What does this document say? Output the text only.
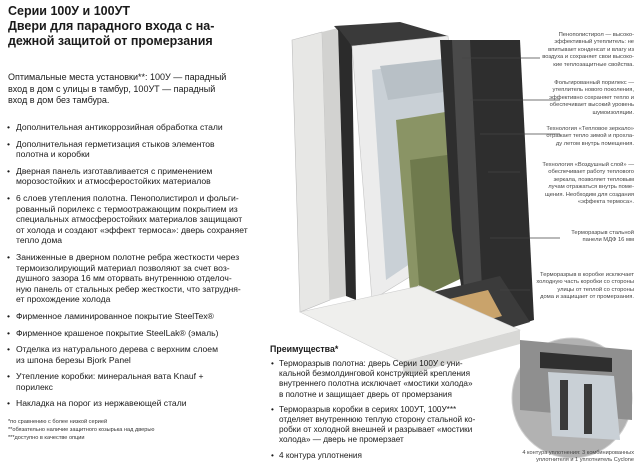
Серии 100У и 100УТ
Двери для парадного входа с на-
дежной защитой от промерзания
Оптимальные места установки**: 100У — парадный
вход в дом с улицы в тамбур, 100УТ — парадный
вход в дом без тамбура.
• Дополнительная антикоррозийная обработка стали
• Дополнительная герметизация стыков элементов
полотна и коробки
• Дверная панель изготавливается с применением
морозостойких и атмосферостойких материалов
• 6 слоев утепления полотна. Пенополистирол и фольги-
рованный порилекс с термоотражающим покрытием из
специальных атмосферостойких материалов защищают
от холода и создают «эффект термоса»: дверь сохраняет
тепло дома
• Заниженные в дверном полотне ребра жесткости через
термоизолирующий материал позволяют за счет воз-
душного зазора 16 мм оторвать внутреннюю отделоч-
ную панель от стальных ребер жесткости, что затрудня-
ет прохождение холода
• Фирменное ламинированное покрытие SteelTex®
• Фирменное крашеное покрытие SteelLak® (эмаль)
• Отделка из натурального дерева с верхним слоем
из шпона березы Bjork Panel
• Утепление коробки: минеральная вата Knauf +
порилекс
• Накладка на порог из нержавеющей стали
*по сравнению с более низкой серией
**обязательно наличие защитного козырька над дверью
***доступно в качестве опции
Пенополистирол — высоко-
эффективный утеплитель: не
впитывает конденсат и влагу из
воздуха и сохраняет свои высоко-
кие теплозащитные свойства.
Фольгированный порилекс —
утеплитель нового поколения,
эффективно сохраняет тепло и
обеспечивает высокий уровень
шумоизоляции.
Технология «Тепловое зеркало»
отражает тепло зимой и прохла-
ду летом внутрь помещения.
Технология «Воздушный слой» —
обеспечивает работу теплового
зеркала, позволяет тепловым
лучам отражаться внутрь поме-
щения. Необходим для создания
«эффекта термоса».
Терморазрыв стальной
панели МДФ 16 мм
Терморазрыв в коробке исключает
холодную часть коробки со стороны
улицы от теплой со стороны
дома и защищает от промерзания.
Преимущества*
• Терморазрыв полотна: дверь Серии 100У с уни-
кальной безмолдинговой конструкцией крепления
внутреннего полотна исключает «мостики холода»
в полотне и защищает дверь от промерзания
• Терморазрыв коробки в сериях 100УТ, 100У***
отделяет внутреннюю теплую сторону стальной ко-
робки от холодной внешней и разрывает «мостики
холода» — дверь не промерзает
• 4 контура уплотнения	4 контура уплотнения: 3 комбинированных
уплотнителя и 1 уплотнитель Cyclone
